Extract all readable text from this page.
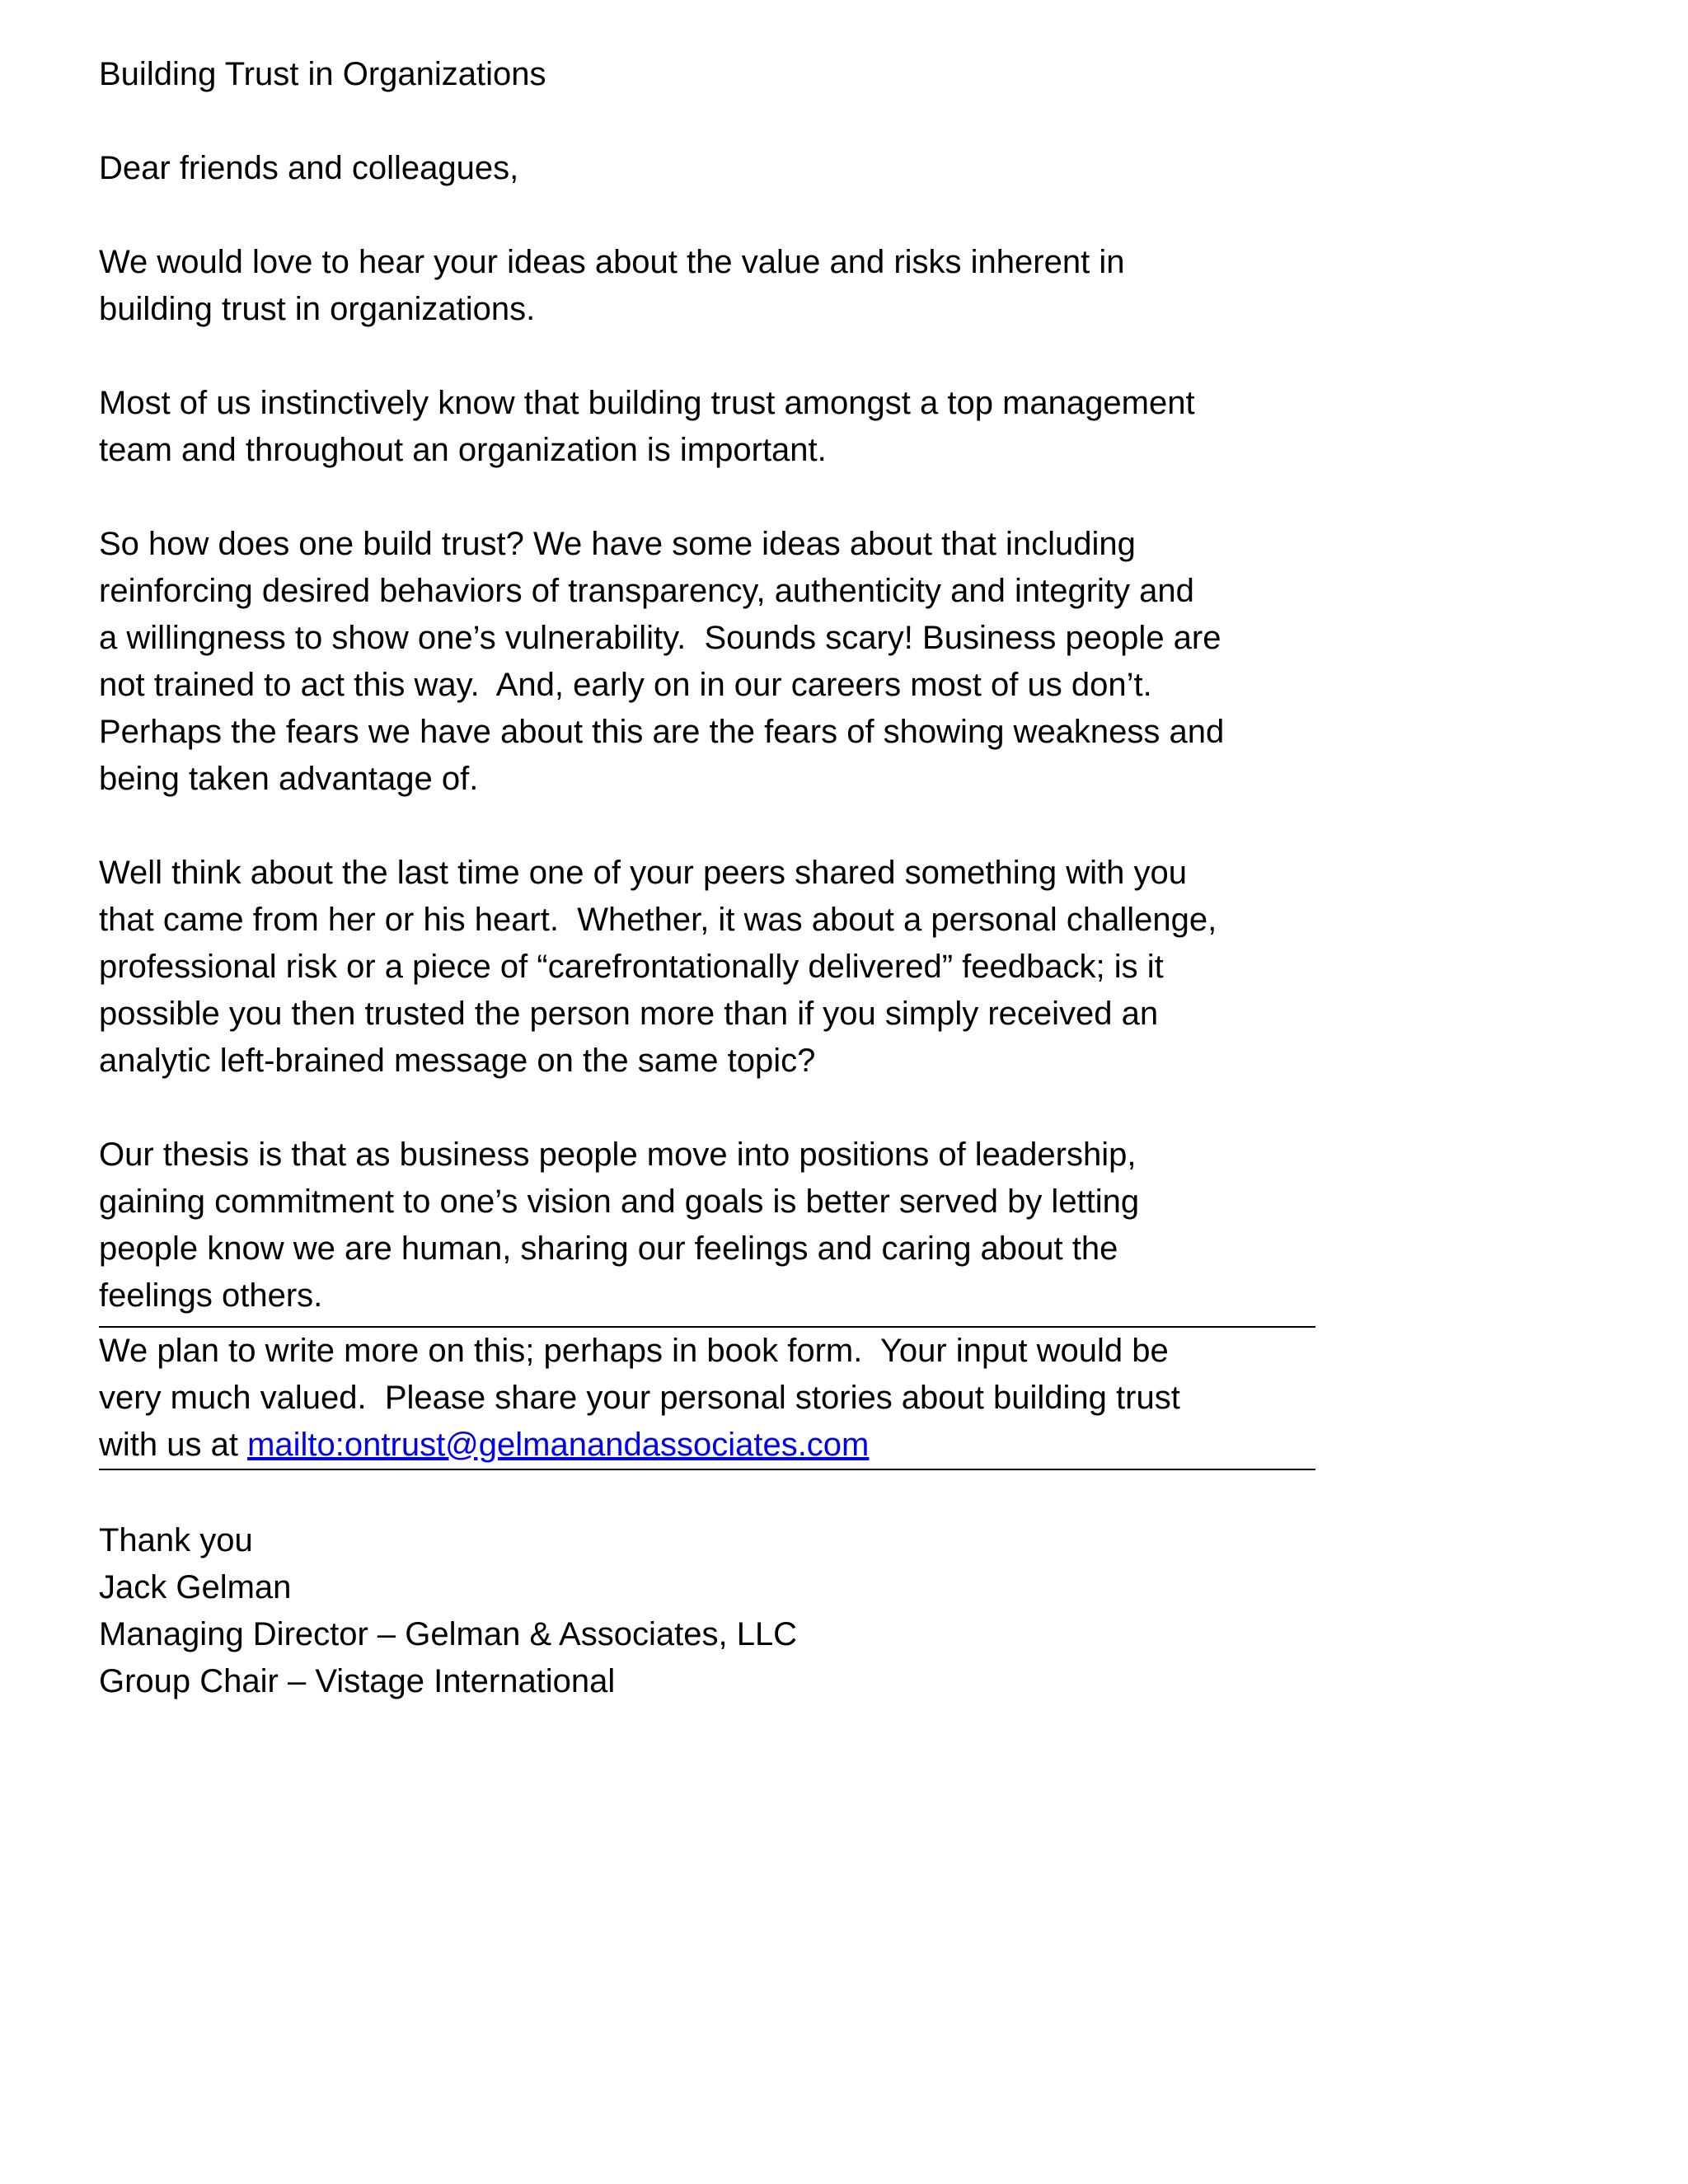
Building Trust in Organizations
Dear friends and colleagues,
We would love to hear your ideas about the value and risks inherent in
building trust in organizations.
Most of us instinctively know that building trust amongst a top management
team and throughout an organization is important.
So how does one build trust? We have some ideas about that including
reinforcing desired behaviors of transparency, authenticity and integrity and
a willingness to show one’s vulnerability.  Sounds scary! Business people are
not trained to act this way.  And, early on in our careers most of us don’t.
Perhaps the fears we have about this are the fears of showing weakness and
being taken advantage of.
Well think about the last time one of your peers shared something with you
that came from her or his heart.  Whether, it was about a personal challenge,
professional risk or a piece of “carefrontationally delivered” feedback; is it
possible you then trusted the person more than if you simply received an
analytic left-brained message on the same topic?
Our thesis is that as business people move into positions of leadership,
gaining commitment to one’s vision and goals is better served by letting
people know we are human, sharing our feelings and caring about the
feelings others.
We plan to write more on this; perhaps in book form.  Your input would be
very much valued.  Please share your personal stories about building trust
with us at mailto:ontrust@gelmanandassociates.com
Thank you
Jack Gelman
Managing Director – Gelman & Associates, LLC
Group Chair – Vistage International
